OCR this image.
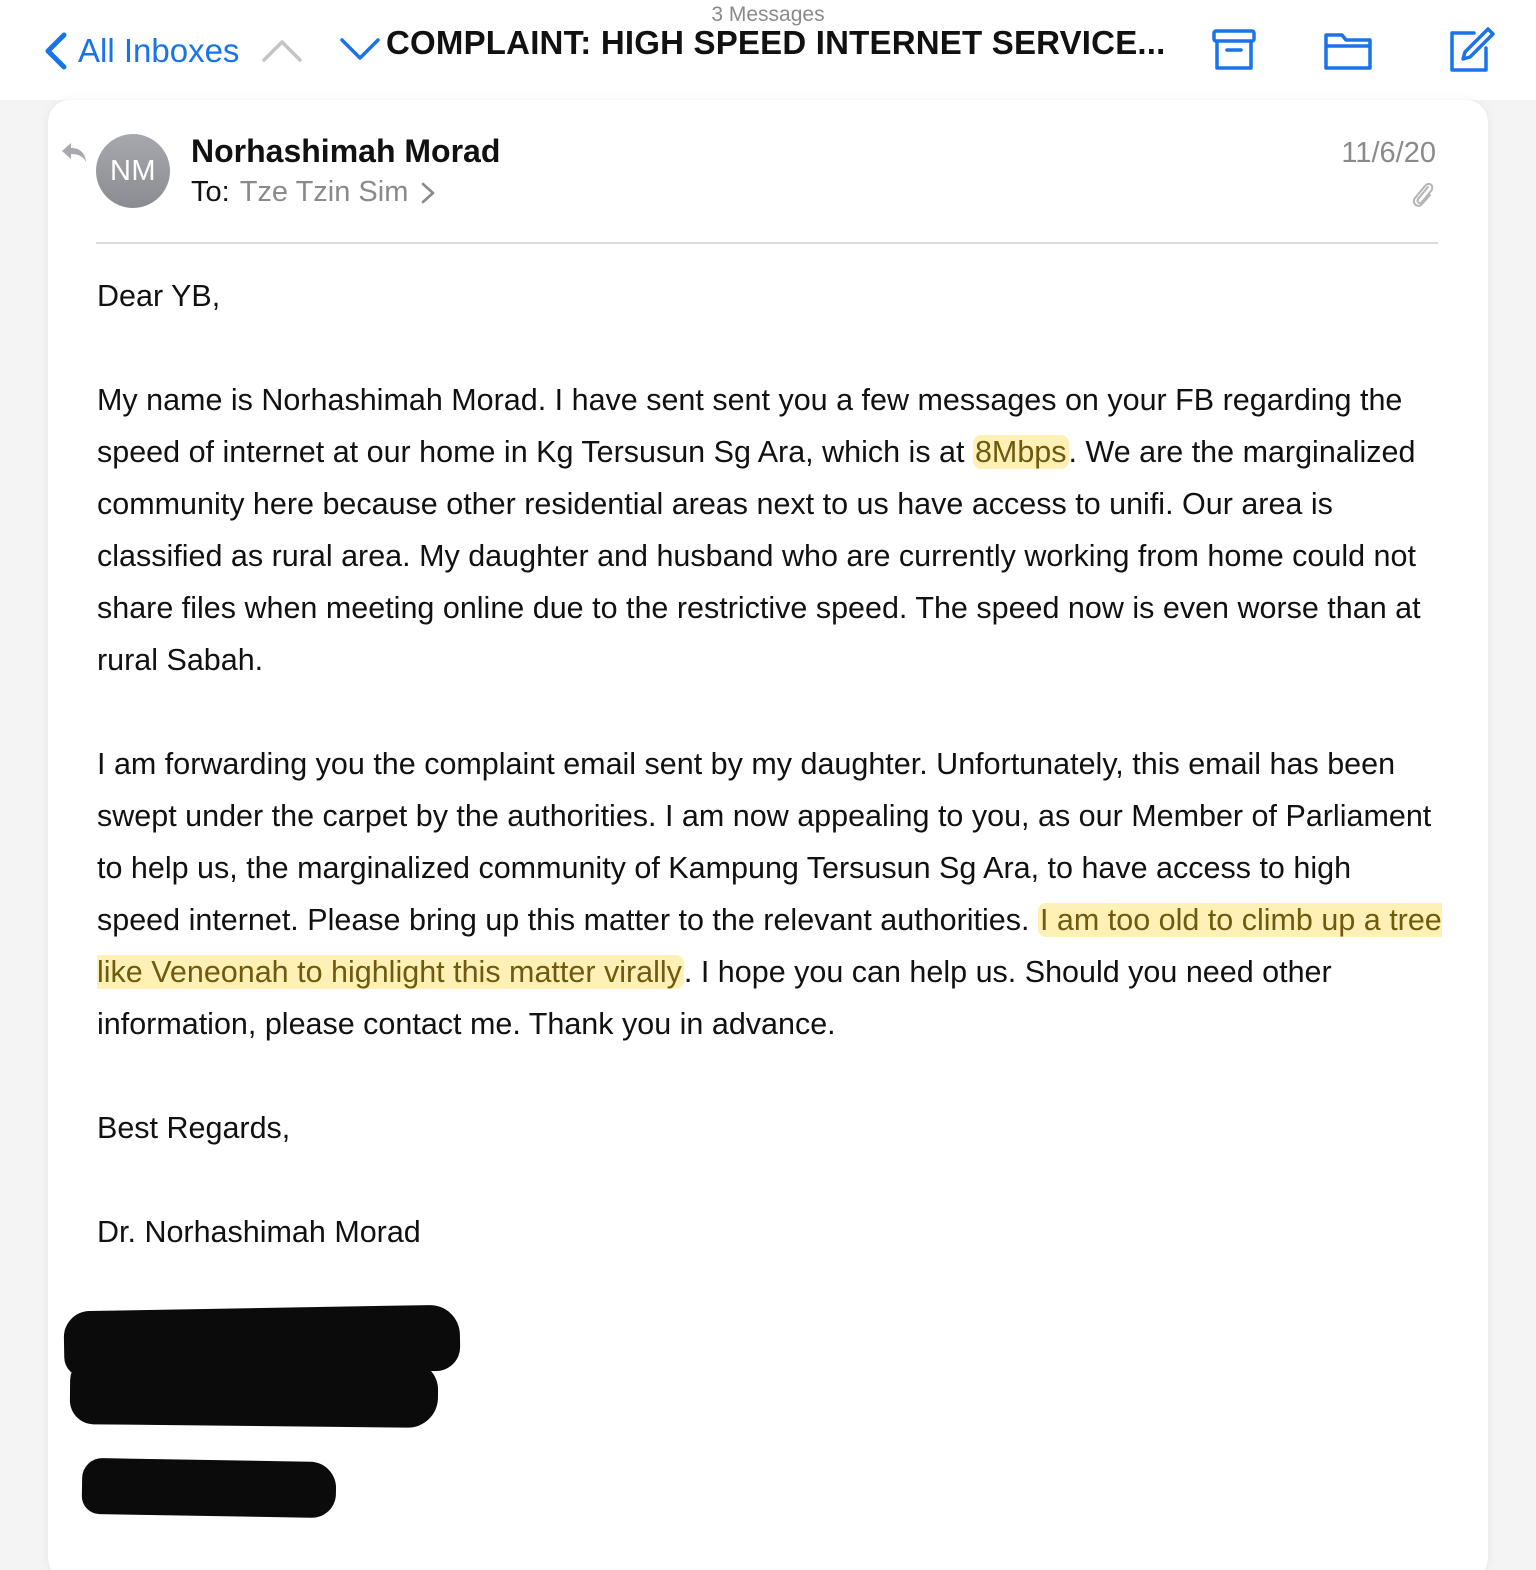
3 Messages
All Inboxes	COMPLAINT: HIGH SPEED INTERNET SERVICE...
NM
Norhashimah Morad
To: Tze Tzin Sim
11/6/20

Dear YB,

My name is Norhashimah Morad. I have sent sent you a few messages on your FB regarding the speed of internet at our home in Kg Tersusun Sg Ara, which is at 8Mbps. We are the marginalized community here because other residential areas next to us have access to unifi. Our area is classified as rural area. My daughter and husband who are currently working from home could not share files when meeting online due to the restrictive speed. The speed now is even worse than at rural Sabah.

I am forwarding you the complaint email sent by my daughter. Unfortunately, this email has been swept under the carpet by the authorities. I am now appealing to you, as our Member of Parliament to help us, the marginalized community of Kampung Tersusun Sg Ara, to have access to high speed internet. Please bring up this matter to the relevant authorities. I am too old to climb up a tree like Veneonah to highlight this matter virally. I hope you can help us. Should you need other information, please contact me. Thank you in advance.

Best Regards,

Dr. Norhashimah Morad
